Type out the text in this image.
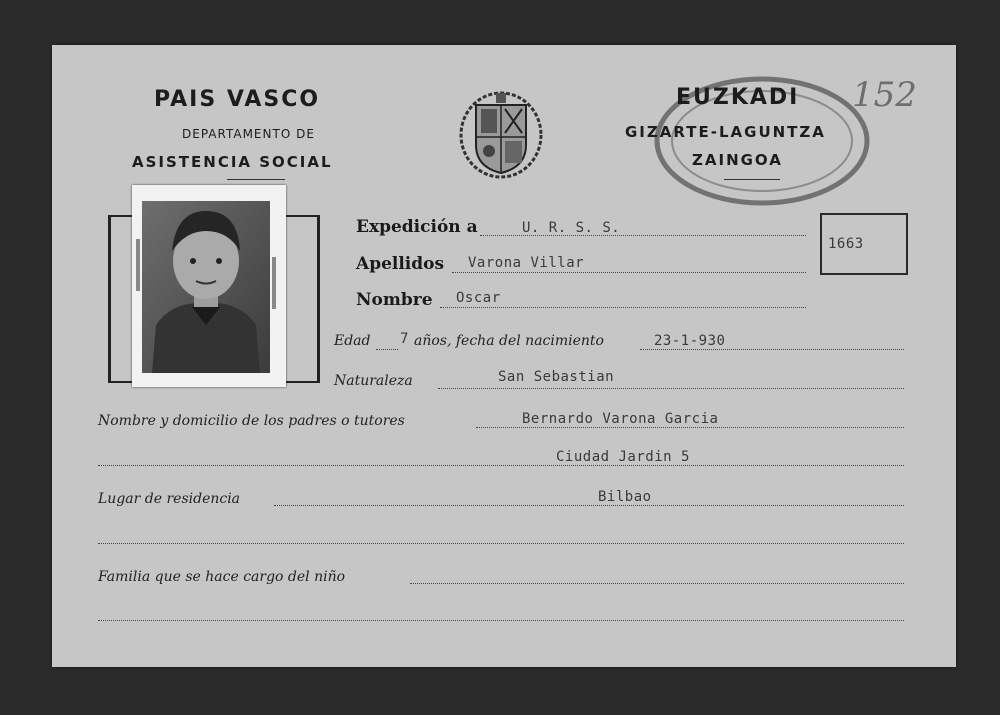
PAIS VASCO
DEPARTAMENTO DE
ASISTENCIA SOCIAL
EUZKADI
GIZARTE-LAGUNTZA
ZAINGOA
152
1663
Expedición a	U. R. S. S.
Apellidos Varona Villar
Nombre Oscar
Edad 7 años, fecha del nacimiento	23-1-930
Naturaleza	San Sebastian
Nombre y domicilio de los padres o tutores	Bernardo Varona Garcia
Ciudad Jardin 5
Lugar de residencia	Bilbao
Familia que se hace cargo del niño
